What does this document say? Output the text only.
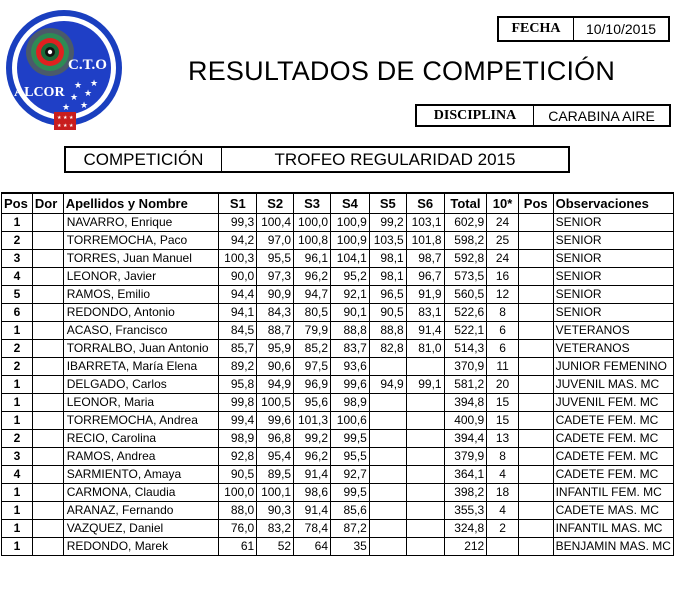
C.T.O
ALCOR ★
★
★
★
★
★
★ ★ ★
★ ★ ★
FECHA	10/10/2015
RESULTADOS DE COMPETICIÓN
DISCIPLINA	CARABINA AIRE
COMPETICIÓN	TROFEO REGULARIDAD 2015
Pos	Dor	Apellidos y Nombre	S1	S2	S3	S4	S5	S6	Total	10*	Pos	Observaciones
1		NAVARRO, Enrique	99,3	100,4	100,0	100,9	99,2	103,1	602,9	24		SENIOR
2		TORREMOCHA, Paco	94,2	97,0	100,8	100,9	103,5	101,8	598,2	25		SENIOR
3		TORRES, Juan Manuel	100,3	95,5	96,1	104,1	98,1	98,7	592,8	24		SENIOR
4		LEONOR, Javier	90,0	97,3	96,2	95,2	98,1	96,7	573,5	16		SENIOR
5		RAMOS, Emilio	94,4	90,9	94,7	92,1	96,5	91,9	560,5	12		SENIOR
6		REDONDO, Antonio	94,1	84,3	80,5	90,1	90,5	83,1	522,6	8		SENIOR
1		ACASO, Francisco	84,5	88,7	79,9	88,8	88,8	91,4	522,1	6		VETERANOS
2		TORRALBO, Juan Antonio	85,7	95,9	85,2	83,7	82,8	81,0	514,3	6		VETERANOS
2		IBARRETA, María Elena	89,2	90,6	97,5	93,6			370,9	11		JUNIOR FEMENINO
1		DELGADO, Carlos	95,8	94,9	96,9	99,6	94,9	99,1	581,2	20		JUVENIL MAS. MC
1		LEONOR, Maria	99,8	100,5	95,6	98,9			394,8	15		JUVENIL FEM. MC
1		TORREMOCHA, Andrea	99,4	99,6	101,3	100,6			400,9	15		CADETE FEM. MC
2		RECIO, Carolina	98,9	96,8	99,2	99,5			394,4	13		CADETE FEM. MC
3		RAMOS, Andrea	92,8	95,4	96,2	95,5			379,9	8		CADETE FEM. MC
4		SARMIENTO, Amaya	90,5	89,5	91,4	92,7			364,1	4		CADETE FEM. MC
1		CARMONA, Claudia	100,0	100,1	98,6	99,5			398,2	18		INFANTIL FEM. MC
1		ARANAZ, Fernando	88,0	90,3	91,4	85,6			355,3	4		CADETE MAS. MC
1		VAZQUEZ, Daniel	76,0	83,2	78,4	87,2			324,8	2		INFANTIL MAS. MC
1		REDONDO, Marek	61	52	64	35			212			BENJAMIN MAS. MC
